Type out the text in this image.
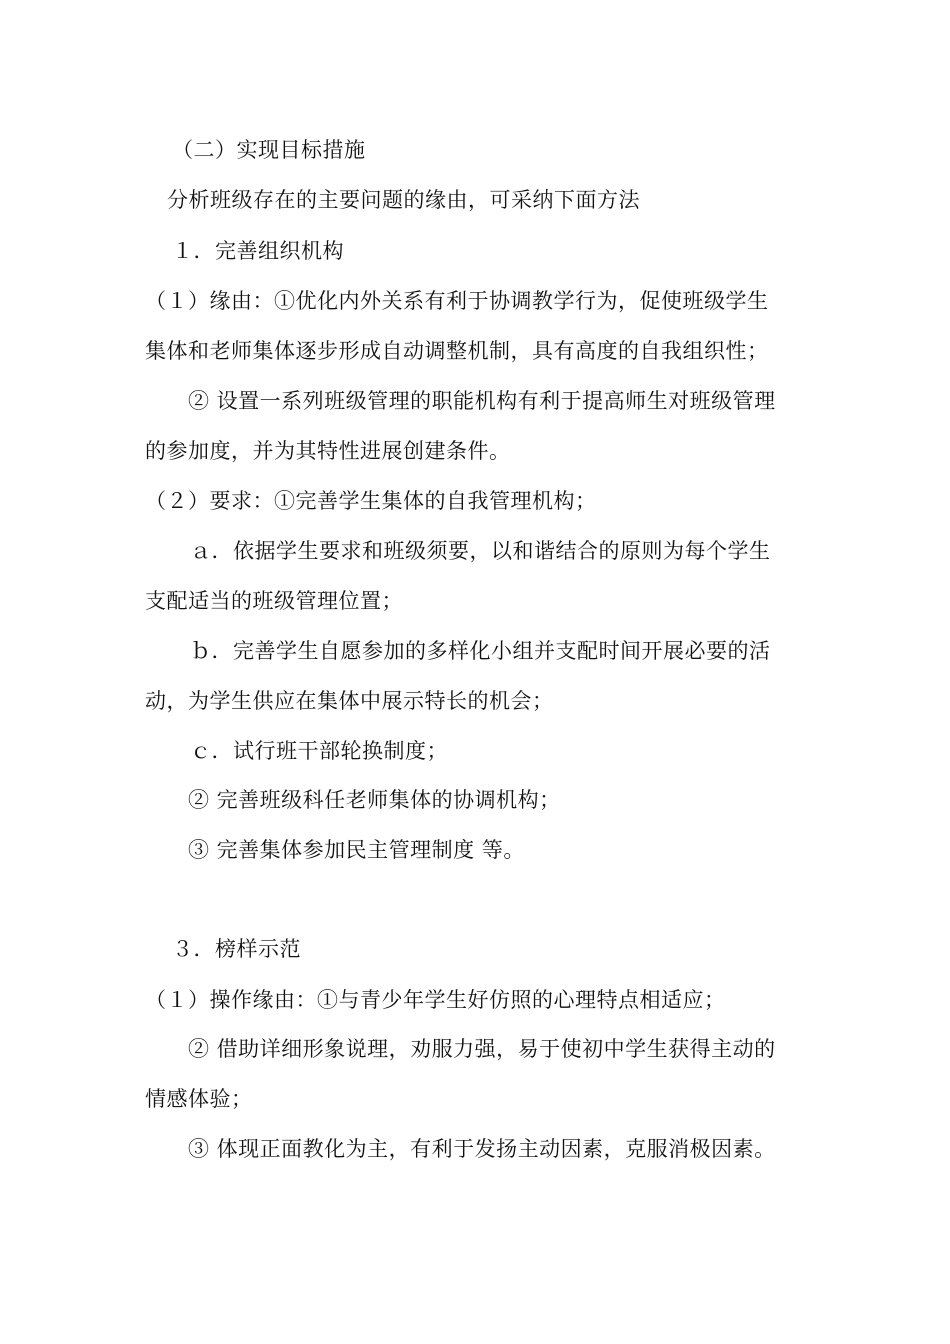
（二）实现目标措施
分析班级存在的主要问题的缘由，可采纳下面方法
１．完善组织机构
（１）缘由：①优化内外关系有利于协调教学行为，促使班级学生
集体和老师集体逐步形成自动调整机制，具有高度的自我组织性；
② 设置一系列班级管理的职能机构有利于提高师生对班级管理
的参加度，并为其特性进展创建条件。
（２）要求：①完善学生集体的自我管理机构；
ａ．依据学生要求和班级须要，以和谐结合的原则为每个学生
支配适当的班级管理位置；
ｂ．完善学生自愿参加的多样化小组并支配时间开展必要的活
动，为学生供应在集体中展示特长的机会；
ｃ．试行班干部轮换制度；
② 完善班级科任老师集体的协调机构；
③ 完善集体参加民主管理制度 等。
３．榜样示范
（１）操作缘由：①与青少年学生好仿照的心理特点相适应；
② 借助详细形象说理，劝服力强，易于使初中学生获得主动的
情感体验；
③ 体现正面教化为主，有利于发扬主动因素，克服消极因素。
